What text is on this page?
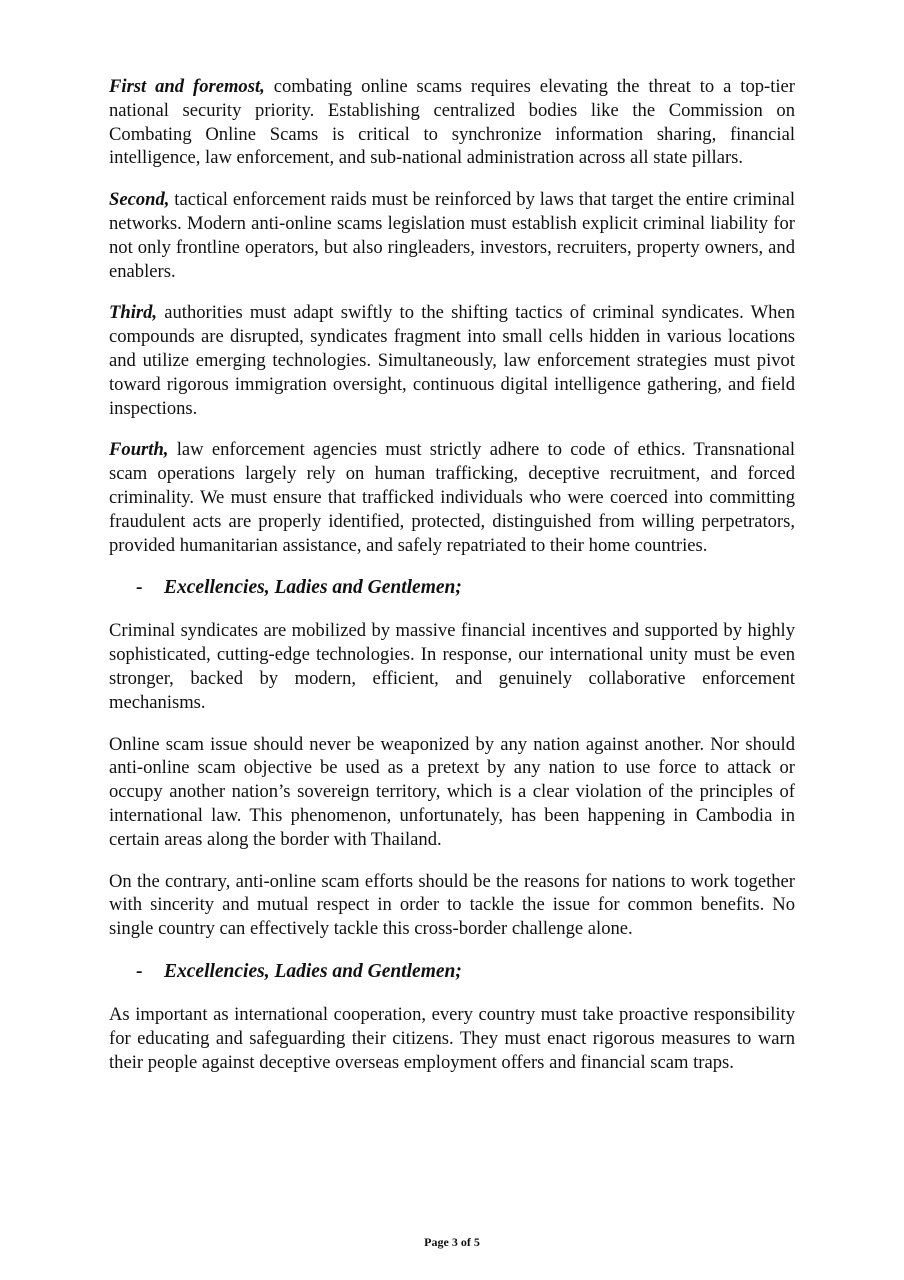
First and foremost, combating online scams requires elevating the threat to a top-tier national security priority. Establishing centralized bodies like the Commission on Combating Online Scams is critical to synchronize information sharing, financial intelligence, law enforcement, and sub-national administration across all state pillars.

Second, tactical enforcement raids must be reinforced by laws that target the entire criminal networks. Modern anti-online scams legislation must establish explicit criminal liability for not only frontline operators, but also ringleaders, investors, recruiters, property owners, and enablers.

Third, authorities must adapt swiftly to the shifting tactics of criminal syndicates. When compounds are disrupted, syndicates fragment into small cells hidden in various locations and utilize emerging technologies. Simultaneously, law enforcement strategies must pivot toward rigorous immigration oversight, continuous digital intelligence gathering, and field inspections.

Fourth, law enforcement agencies must strictly adhere to code of ethics. Transnational scam operations largely rely on human trafficking, deceptive recruitment, and forced criminality. We must ensure that trafficked individuals who were coerced into committing fraudulent acts are properly identified, protected, distinguished from willing perpetrators, provided humanitarian assistance, and safely repatriated to their home countries.

- Excellencies, Ladies and Gentlemen;

Criminal syndicates are mobilized by massive financial incentives and supported by highly sophisticated, cutting-edge technologies. In response, our international unity must be even stronger, backed by modern, efficient, and genuinely collaborative enforcement mechanisms.

Online scam issue should never be weaponized by any nation against another. Nor should anti-online scam objective be used as a pretext by any nation to use force to attack or occupy another nation’s sovereign territory, which is a clear violation of the principles of international law. This phenomenon, unfortunately, has been happening in Cambodia in certain areas along the border with Thailand.

On the contrary, anti-online scam efforts should be the reasons for nations to work together with sincerity and mutual respect in order to tackle the issue for common benefits. No single country can effectively tackle this cross-border challenge alone.

- Excellencies, Ladies and Gentlemen;

As important as international cooperation, every country must take proactive responsibility for educating and safeguarding their citizens. They must enact rigorous measures to warn their people against deceptive overseas employment offers and financial scam traps.

Page 3 of 5
